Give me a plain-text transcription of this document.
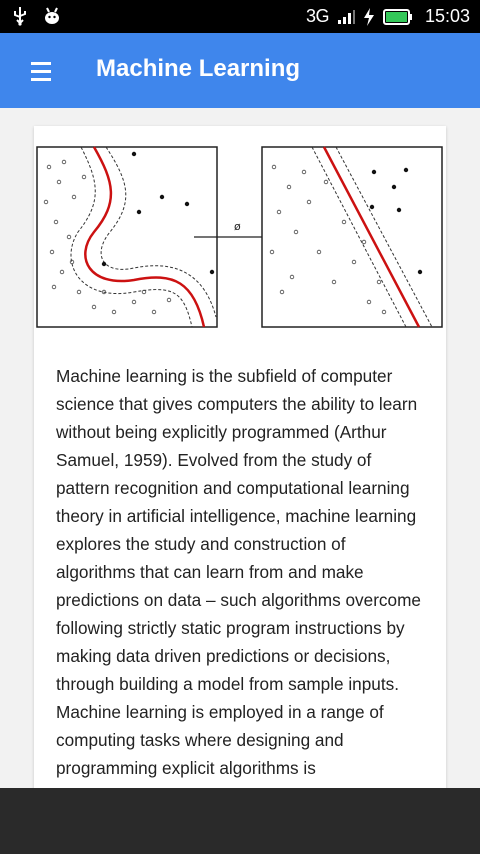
3G	15:03
Machine Learning
ø

Machine learning is the subfield of computer science that gives computers the ability to learn without being explicitly programmed (Arthur Samuel, 1959). Evolved from the study of pattern recognition and computational learning theory in artificial intelligence, machine learning explores the study and construction of algorithms that can learn from and make predictions on data – such algorithms overcome following strictly static program instructions by making data driven predictions or decisions, through building a model from sample inputs. Machine learning is employed in a range of computing tasks where designing and programming explicit algorithms is
